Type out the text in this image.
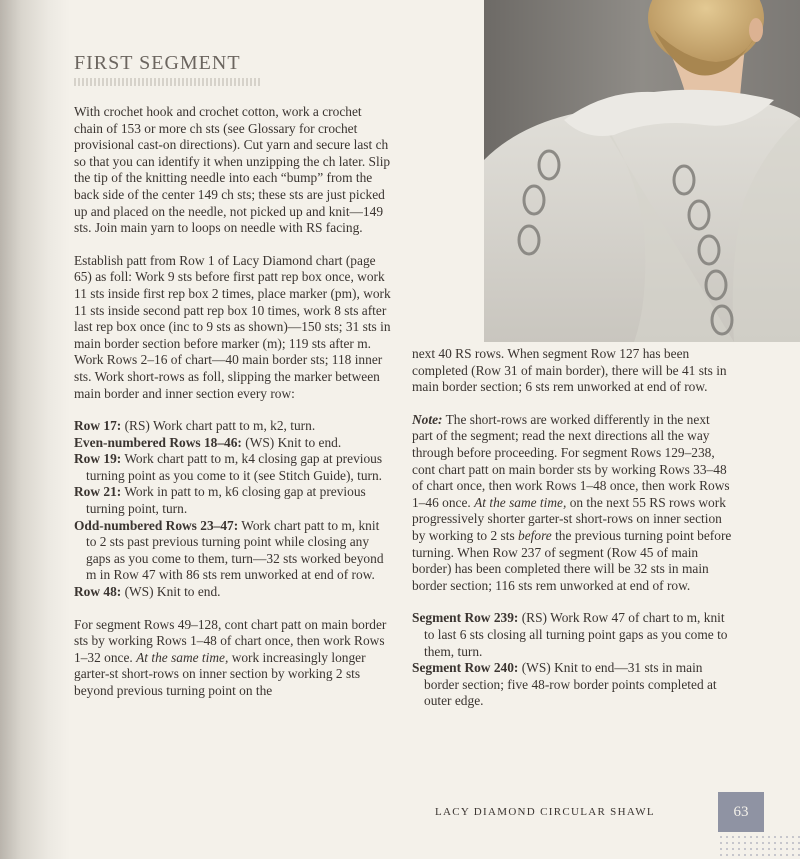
FIRST SEGMENT

With crochet hook and crochet cotton, work a crochet chain of 153 or more ch sts (see Glossary for crochet provisional cast-on directions). Cut yarn and secure last ch so that you can identify it when unzipping the ch later. Slip the tip of the knitting needle into each “bump” from the back side of the center 149 ch sts; these sts are just picked up and placed on the needle, not picked up and knit—149 sts. Join main yarn to loops on needle with RS facing.

Establish patt from Row 1 of Lacy Diamond chart (page 65) as foll: Work 9 sts before first patt rep box once, work 11 sts inside first rep box 2 times, place marker (pm), work 11 sts inside second patt rep box 10 times, work 8 sts after last rep box once (inc to 9 sts as shown)—150 sts; 31 sts in main border section before marker (m); 119 sts after m. Work Rows 2–16 of chart—40 main border sts; 118 inner sts. Work short-rows as foll, slipping the marker between main border and inner section every row:

Row 17: (RS) Work chart patt to m, k2, turn.

Even-numbered Rows 18–46: (WS) Knit to end.

Row 19: Work chart patt to m, k4 closing gap at previous turning point as you come to it (see Stitch Guide), turn.

Row 21: Work in patt to m, k6 closing gap at previous turning point, turn.

Odd-numbered Rows 23–47: Work chart patt to m, knit to 2 sts past previous turning point while closing any gaps as you come to them, turn—32 sts worked beyond m in Row 47 with 86 sts rem unworked at end of row.

Row 48: (WS) Knit to end.

For segment Rows 49–128, cont chart patt on main border sts by working Rows 1–48 of chart once, then work Rows 1–32 once. At the same time, work increasingly longer garter-st short-rows on inner section by working 2 sts beyond previous turning point on the

next 40 RS rows. When segment Row 127 has been completed (Row 31 of main border), there will be 41 sts in main border section; 6 sts rem unworked at end of row.

Note: The short-rows are worked differently in the next part of the segment; read the next directions all the way through before proceeding. For segment Rows 129–238, cont chart patt on main border sts by working Rows 33–48 of chart once, then work Rows 1–48 once, then work Rows 1–46 once. At the same time, on the next 55 RS rows work progressively shorter garter-st short-rows on inner section by working to 2 sts before the previous turning point before turning. When Row 237 of segment (Row 45 of main border) has been completed there will be 32 sts in main border section; 116 sts rem unworked at end of row.

Segment Row 239: (RS) Work Row 47 of chart to m, knit to last 6 sts closing all turning point gaps as you come to them, turn.

Segment Row 240: (WS) Knit to end—31 sts in main border section; five 48-row border points completed at outer edge.

LACY DIAMOND CIRCULAR SHAWL	63
